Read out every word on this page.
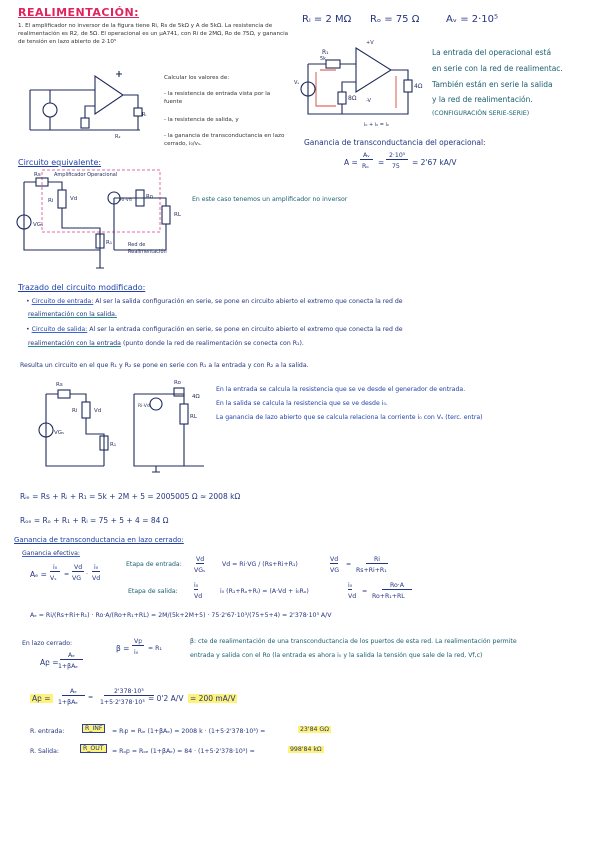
REALIMENTACIÓN:
1. El amplificador no inversor de la figura tiene Ri, Rs de 5kΩ y A de 5kΩ. La resistencia de realimentación es R2, de 5Ω. El operacional es un µA741, con Ri de 2MΩ, Ro de 75Ω, y ganancia de tensión en lazo abierto de 2·10⁵
Rₗ
R₂
Calcular los valores de:
- la resistencia de entrada vista por la fuente
- la resistencia de salida, y
- la ganancia de transconductancia en lazo cerrado, i₀/vₛ.
Rᵢ = 2 MΩ Rₒ = 75 Ω	Aᵥ = 2·10⁵
R₁
5k
+V
-V
4Ω
8Ω
Vₛ
i₀ + i₀ = i₀
La entrada del operacional está
en serie con la red de realimentac.
También están en serie la salida
y la red de realimentación.
(CONFIGURACIÓN SERIE-SERIE)
Ganancia de transconductancia del operacional:
A =
Aᵥ
Rₒ =
2·10⁵
75 = 2'67 kA/V
Circuito equivalente:
Amplificador Operacional
Rs
Ri	Vd	Ro
RL
R₁
VGₛ
Ri·Vd
Red de
Realimentación
En este caso tenemos un amplificador no inversor
Trazado del circuito modificado:
• Circuito de entrada: Al ser la salida configuración en serie, se pone en circuito abierto el extremo que conecta la red de
realimentación con la salida.
• Circuito de salida: Al ser la entrada configuración en serie, se pone en circuito abierto el extremo que conecta la red de
realimentación con la entrada (punto donde la red de realimentación se conecta con R₁).
Resulta un circuito en el que R₁ y R₂ se pone en serie con R₁ a la entrada y con R₂ a la salida.
Rs
Ri	Vd
R₁
VGₛ
Ro
Ri·Vd
RL
4Ω
En la entrada se calcula la resistencia que se ve desde el generador de entrada.
En la salida se calcula la resistencia que se ve desde i₀.
La ganancia de lazo abierto que se calcula relaciona la corriente i₀ con Vₛ (terc. entra)
Rᵢₑ = Rs + Rᵢ + R₁ = 5k + 2M + 5 = 2005005 Ω ≈ 2008 kΩ
Rₒₑ = Rₒ + R₁ + Rₗ = 75 + 5 + 4 = 84 Ω
Ganancia de transconductancia en lazo cerrado:
Ganancia efectiva:
Aₑ =
i₀
Vₛ
=
Vd
VG
·
i₀
Vd
Etapa de entrada:
Vd
VGₛ
Vd = Ri·VG / (Rs+Ri+R₁)
Vd
VG
=
Ri
Rs+Ri+R₁
Etapa de salida:
i₀
Vd
i₀ (R₁+Rₒ+Rₗ) = (A·Vd + i₀Rₒ)
i₀
Vd
=
Ro·A
Ro+R₁+RL
Aₑ = Ri/(Rs+Ri+R₁) · Ro·A/(Ro+R₁+RL) = 2M/(5k+2M+5) · 75·2'67·10³/(75+5+4) = 2'378·10³ A/V
En lazo cerrado:
Aբ =
Aₑ
1+βAₑ
β =
Vբ
i₀
= R₁
β: cte de realimentación de una transconductancia de los puertos de esta red. La realimentación permite
entrada y salida con el Ro (la entrada es ahora i₀ y la salida la tensión que sale de la red, Vf,c)
Aբ =
Aₑ
1+βAₑ
=
2'378·10³
1+5·2'378·10³ = 0'2 A/V = 200 mA/V
R. entrada:	R_INF	= Rᵢբ = Rᵢₑ (1+βAₑ) = 2008 k · (1+5·2'378·10³) =	23'84 GΩ
R. Salida:	R_OUT	= Rₒբ = Rₒₑ (1+βAₑ) = 84 · (1+5·2'378·10³) =	998'84 kΩ
